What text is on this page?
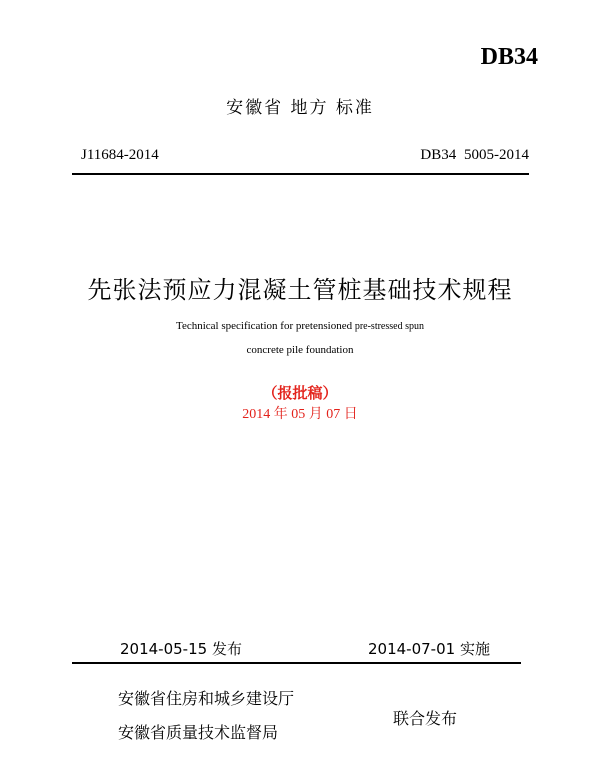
DB34
安徽省 地方 标准
J11684-2014	DB34 5005-2014
先张法预应力混凝土管桩基础技术规程
Technical specification for pretensioned pre-stressed spun
concrete pile foundation
（报批稿）
2014 年 05 月 07 日
2014-05-15 发布	2014-07-01 实施
安徽省住房和城乡建设厅
安徽省质量技术监督局
联合发布
